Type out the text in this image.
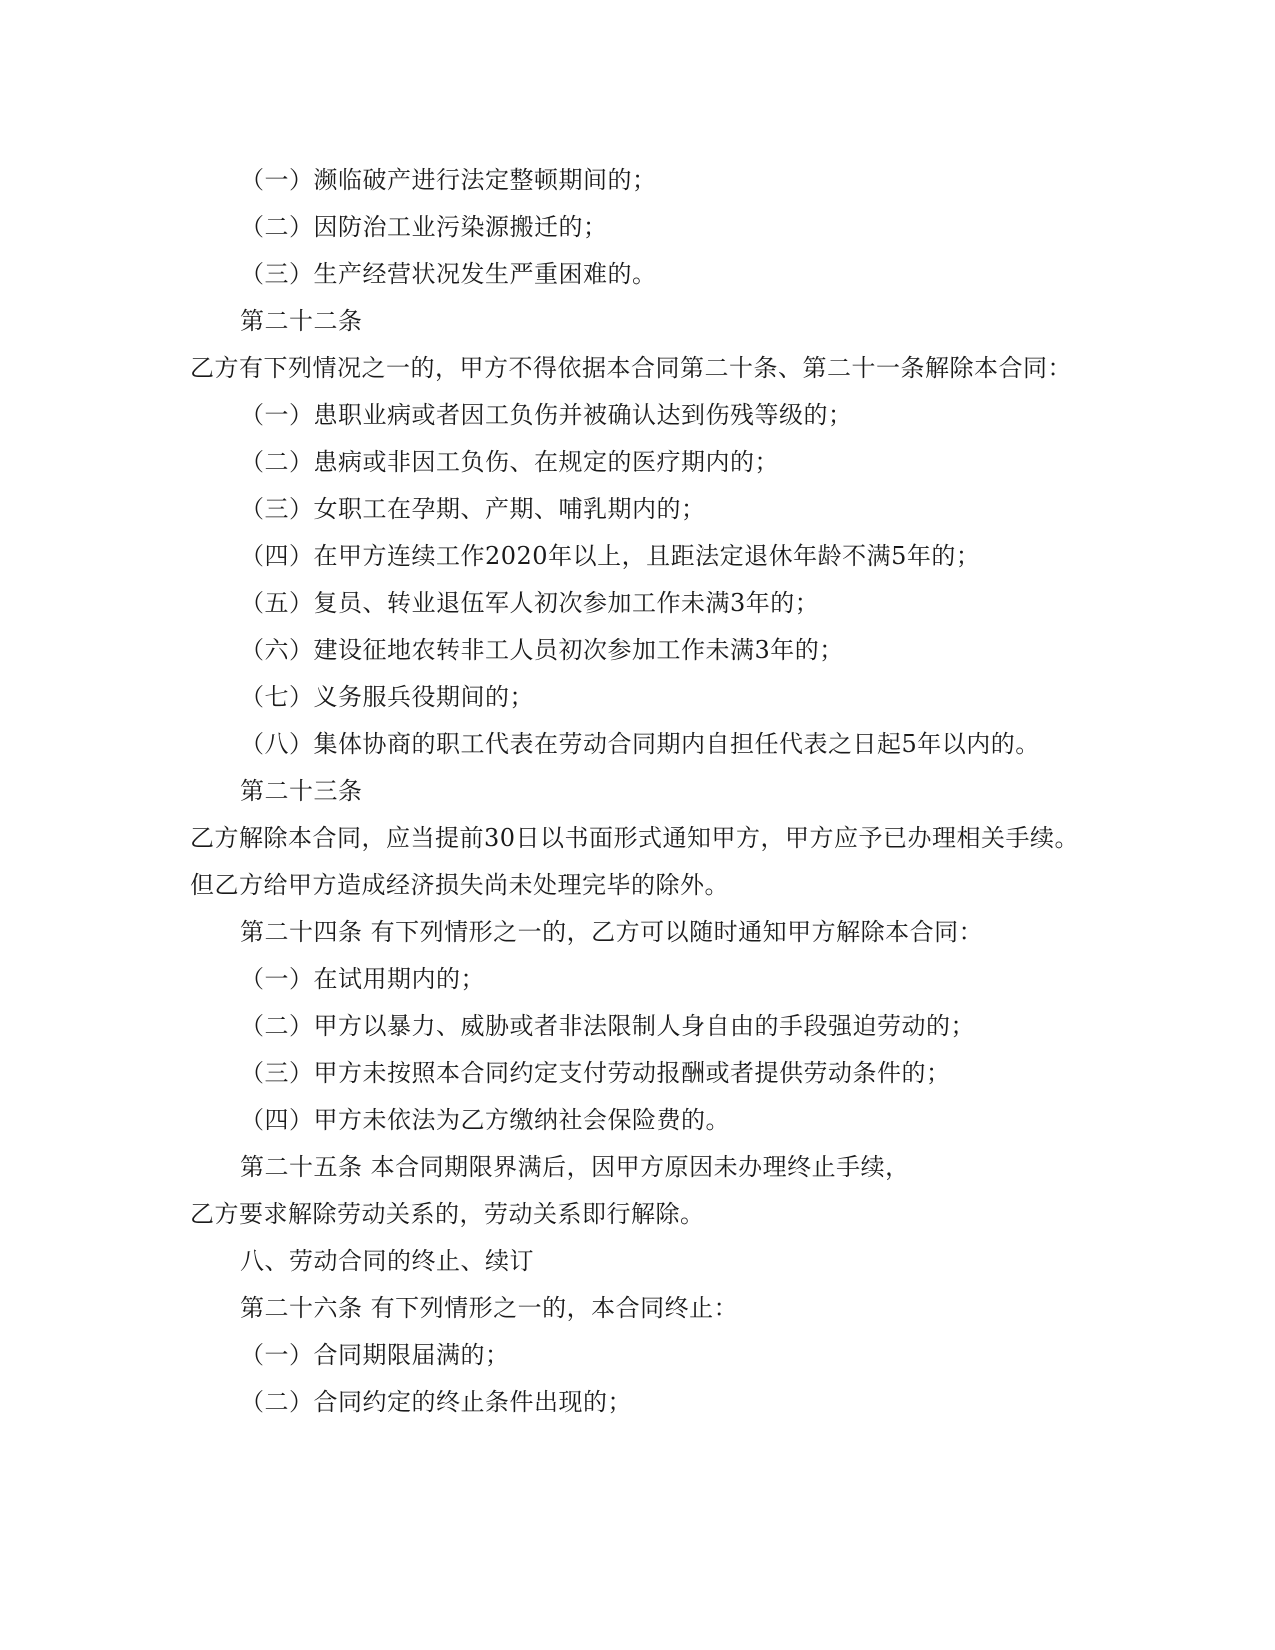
（一）濒临破产进行法定整顿期间的；
（二）因防治工业污染源搬迁的；
（三）生产经营状况发生严重困难的。
第二十二条
乙方有下列情况之一的，甲方不得依据本合同第二十条、第二十一条解除本合同：
（一）患职业病或者因工负伤并被确认达到伤残等级的；
（二）患病或非因工负伤、在规定的医疗期内的；
（三）女职工在孕期、产期、哺乳期内的；
（四）在甲方连续工作2020年以上，且距法定退休年龄不满5年的；
（五）复员、转业退伍军人初次参加工作未满3年的；
（六）建设征地农转非工人员初次参加工作未满3年的；
（七）义务服兵役期间的；
（八）集体协商的职工代表在劳动合同期内自担任代表之日起5年以内的。
第二十三条
乙方解除本合同，应当提前30日以书面形式通知甲方，甲方应予已办理相关手续。
但乙方给甲方造成经济损失尚未处理完毕的除外。
第二十四条 有下列情形之一的，乙方可以随时通知甲方解除本合同：
（一）在试用期内的；
（二）甲方以暴力、威胁或者非法限制人身自由的手段强迫劳动的；
（三）甲方未按照本合同约定支付劳动报酬或者提供劳动条件的；
（四）甲方未依法为乙方缴纳社会保险费的。
第二十五条 本合同期限界满后，因甲方原因未办理终止手续，
乙方要求解除劳动关系的，劳动关系即行解除。
八、劳动合同的终止、续订
第二十六条 有下列情形之一的，本合同终止：
（一）合同期限届满的；
（二）合同约定的终止条件出现的；
